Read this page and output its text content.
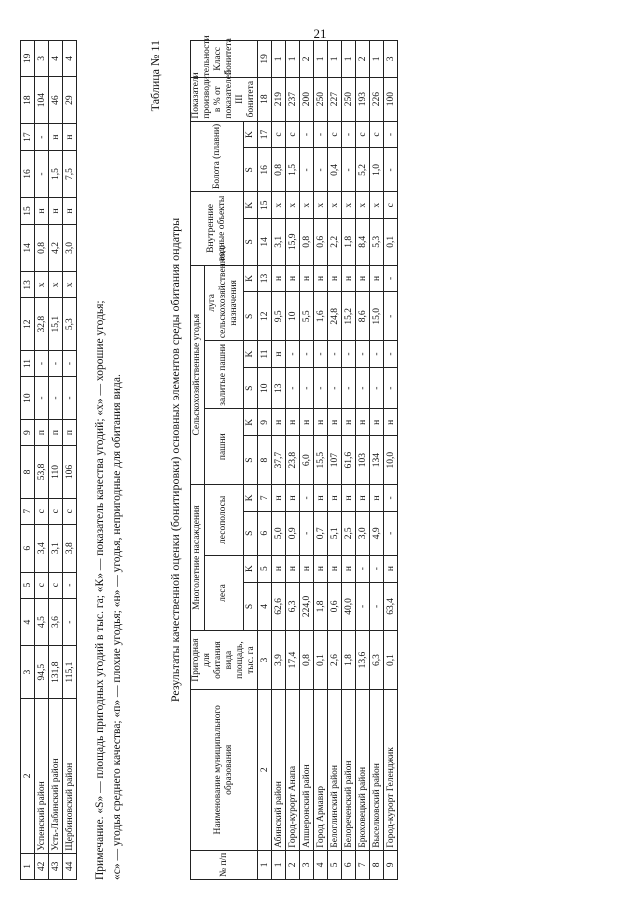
21
1	2	3	4	5	6	7	8	9	10	11	12	13	14	15	16	17	18	19
42	Успенский район	94,5	4,5	с	3,4	с	53,8	п	-	-	32,8	х	0,8	н	-	-	104	3
43	Усть-Лабинский район	131,8	3,6	с	3,1	с	110	п	-	-	15,1	х	4,2	н	1,5	н	46	4
44	Щербиновский район	115,1	-	-	3,8	с	106	п	-	-	5,3	х	3,0	н	7,5	н	29	4

Примечание. «S» — площадь пригодных угодий в тыс. га; «К» — показатель качества угодий; «х» — хорошие угодья; «с» — угодья среднего качества; «п» — плохие угодья; «н» — угодья, непригодные для обитания вида.

Таблица № 11
Результаты качественной оценки (бонитировки) основных элементов среды обитания ондатры
№ п/п	Наименование муниципального образования	Пригодная для обитания вида площадь, тыс. га	Многолетние насаждения				Сельскохозяйственные угодья						Внутренние водные объекты		Болота (плавни)		Показатели производительности в % от показателей III бонитета	Класс бонитета
			леса		лесополосы		пашни		залитые пашни		луга сельскохозяйственного назначения							
			S	K	S	K	S	K	S	K	S	K	S	K	S	K		
1	2	3	4	5	6	7	8	9	10	11	12	13	14	15	16	17	18	19
1	Абинский район	3,9	62,6	н	5,0	н	37,7	н	13	н	9,5	н	3,1	х	0,8	с	219	1
2	Город-курорт Анапа	17,4	6,3	н	0,9	н	23,8	н	-	-	10	н	15,9	х	1,5	с	237	1
3	Апшеронский район	0,8	224,0	н	-	-	6,0	н	-	-	5,5	н	0,8	х	-	-	200	2
4	Город Армавир	0,1	1,8	н	0,7	н	15,5	н	-	-	1,6	н	0,6	х	-	-	250	1
5	Белоглинский район	2,6	0,6	н	5,1	н	107	н	-	-	24,8	н	2,2	х	0,4	с	227	1
6	Белореченский район	1,8	40,0	н	2,5	н	61,6	н	-	-	15,2	н	1,8	х	-	-	250	1
7	Брюховецкий район	13,6	-	-	3,0	н	103	н	-	-	8,6	н	8,4	х	5,2	с	193	2
8	Выселковский район	6,3	-	-	4,9	н	134	н	-	-	15,0	н	5,3	х	1,0	с	226	1
9	Город-курорт Геленджик	0,1	63,4	н	-	-	10,0	н	-	-	-	-	0,1	с	-	-	100	3
